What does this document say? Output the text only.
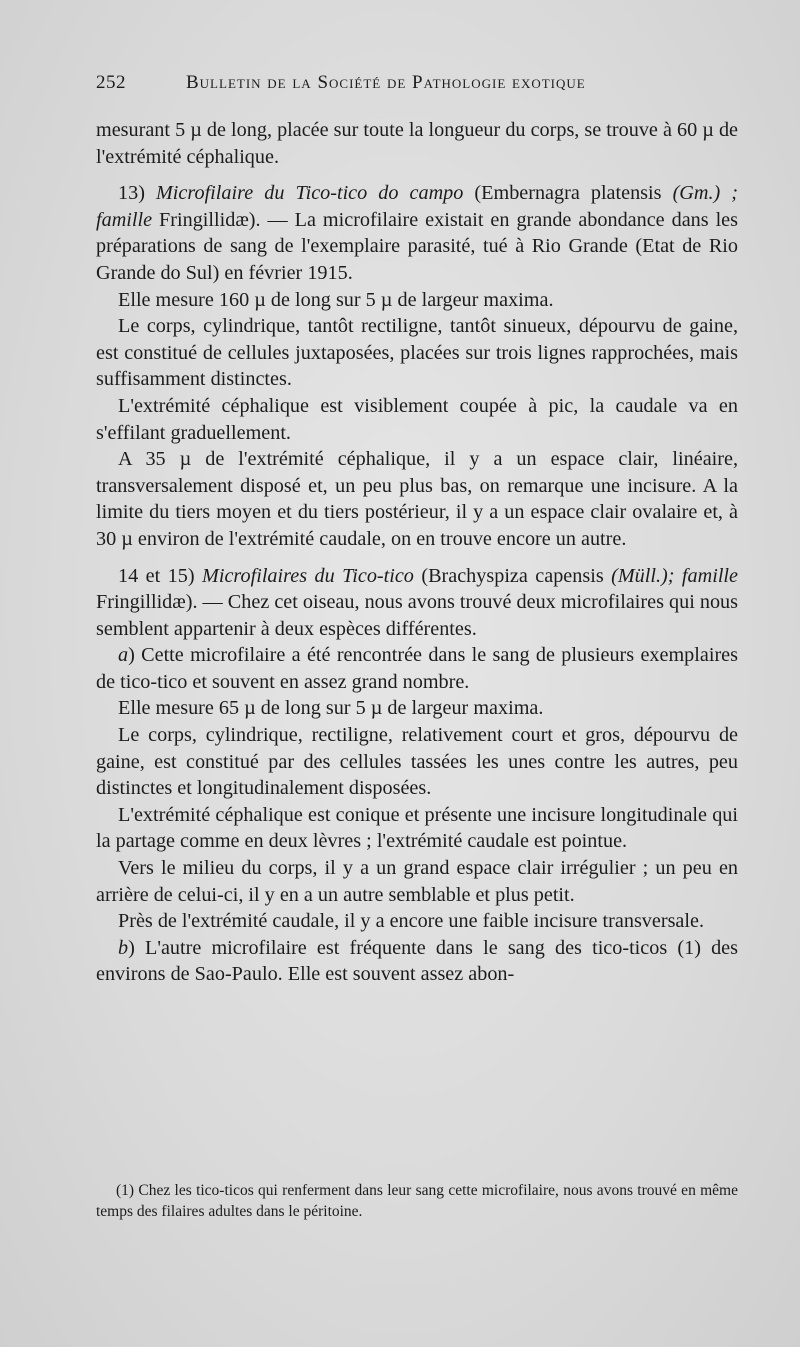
252	Bulletin de la Société de Pathologie exotique

mesurant 5 µ de long, placée sur toute la longueur du corps, se trouve à 60 µ de l'extrémité céphalique.

13) Microfilaire du Tico-tico do campo (Embernagra platensis (Gm.) ; famille Fringillidæ). — La microfilaire existait en grande abondance dans les préparations de sang de l'exemplaire parasité, tué à Rio Grande (Etat de Rio Grande do Sul) en février 1915.

Elle mesure 160 µ de long sur 5 µ de largeur maxima.

Le corps, cylindrique, tantôt rectiligne, tantôt sinueux, dépourvu de gaine, est constitué de cellules juxtaposées, placées sur trois lignes rapprochées, mais suffisamment distinctes.

L'extrémité céphalique est visiblement coupée à pic, la caudale va en s'effilant graduellement.

A 35 µ de l'extrémité céphalique, il y a un espace clair, linéaire, transversalement disposé et, un peu plus bas, on remarque une incisure. A la limite du tiers moyen et du tiers postérieur, il y a un espace clair ovalaire et, à 30 µ environ de l'extrémité caudale, on en trouve encore un autre.

14 et 15) Microfilaires du Tico-tico (Brachyspiza capensis (Müll.); famille Fringillidæ). — Chez cet oiseau, nous avons trouvé deux microfilaires qui nous semblent appartenir à deux espèces différentes.

a) Cette microfilaire a été rencontrée dans le sang de plusieurs exemplaires de tico-tico et souvent en assez grand nombre.

Elle mesure 65 µ de long sur 5 µ de largeur maxima.

Le corps, cylindrique, rectiligne, relativement court et gros, dépourvu de gaine, est constitué par des cellules tassées les unes contre les autres, peu distinctes et longitudinalement disposées.

L'extrémité céphalique est conique et présente une incisure longitudinale qui la partage comme en deux lèvres ; l'extrémité caudale est pointue.

Vers le milieu du corps, il y a un grand espace clair irrégulier ; un peu en arrière de celui-ci, il y en a un autre semblable et plus petit.

Près de l'extrémité caudale, il y a encore une faible incisure transversale.

b) L'autre microfilaire est fréquente dans le sang des tico-ticos (1) des environs de Sao-Paulo. Elle est souvent assez abon-

(1) Chez les tico-ticos qui renferment dans leur sang cette microfilaire, nous avons trouvé en même temps des filaires adultes dans le péritoine.
